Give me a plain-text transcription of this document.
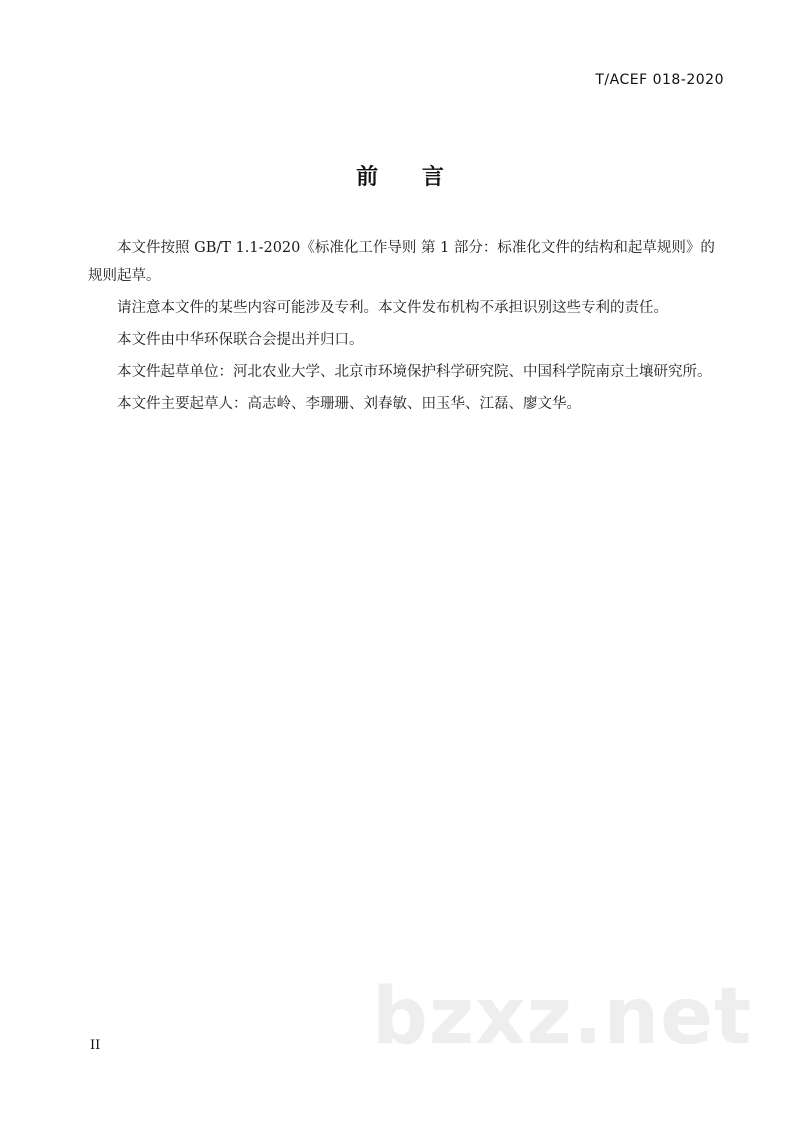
T/ACEF 018-2020
前 言

本文件按照 GB/T 1.1-2020《标准化工作导则 第 1 部分：标准化文件的结构和起草规则》的规则起草。

请注意本文件的某些内容可能涉及专利。本文件发布机构不承担识别这些专利的责任。

本文件由中华环保联合会提出并归口。

本文件起草单位：河北农业大学、北京市环境保护科学研究院、中国科学院南京土壤研究所。

本文件主要起草人：高志岭、李珊珊、刘春敏、田玉华、江磊、廖文华。

bzxz.net
II
